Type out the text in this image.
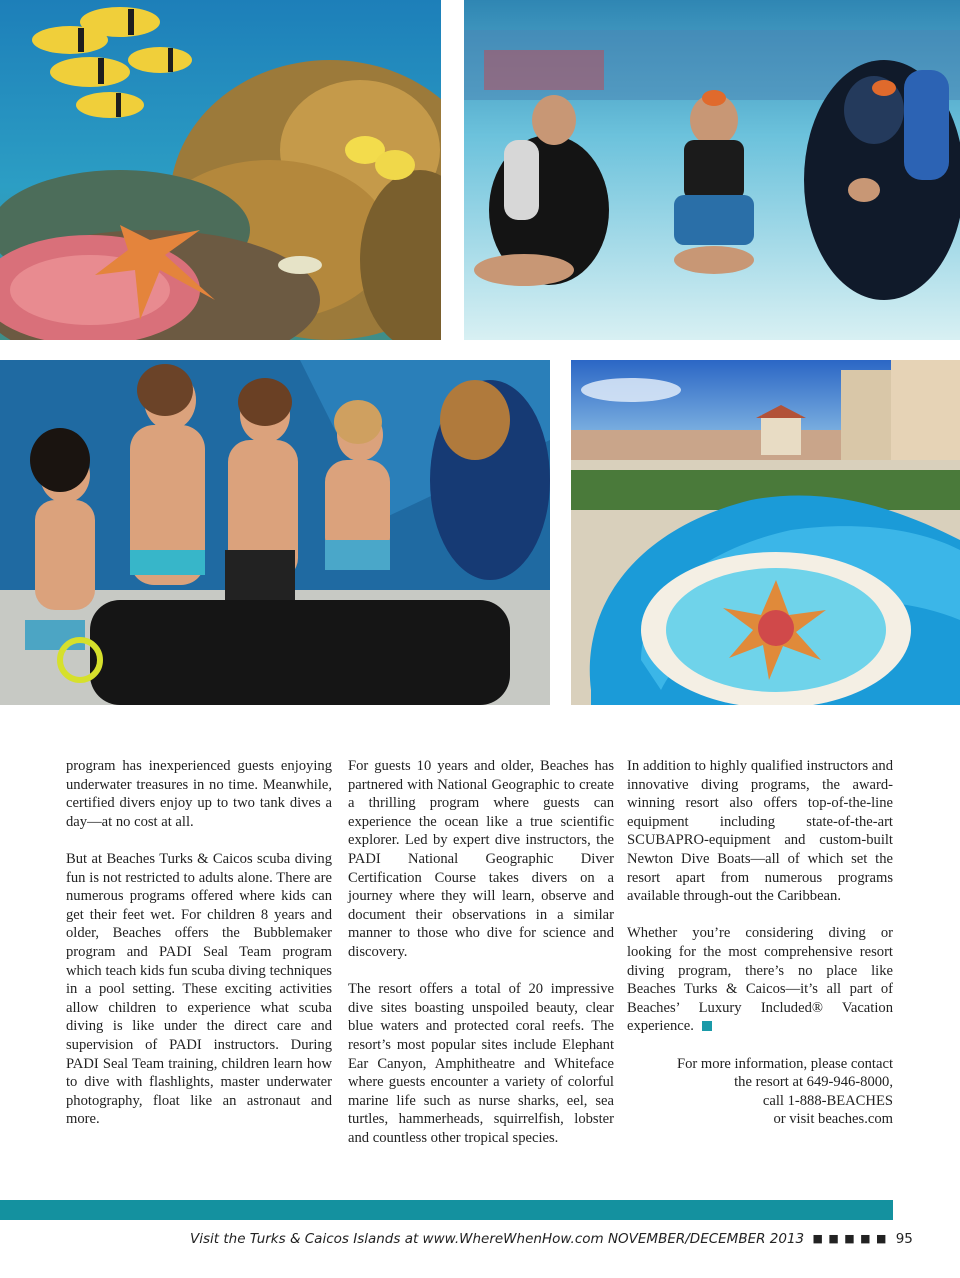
program has inexperienced guests enjoying underwater treasures in no time. Meanwhile, certified divers enjoy up to two tank dives a day—at no cost at all.

But at Beaches Turks & Caicos scuba diving fun is not restricted to adults alone. There are numerous programs offered where kids can get their feet wet. For children 8 years and older, Beaches offers the Bubblemaker program and PADI Seal Team program which teach kids fun scuba diving techniques in a pool setting. These exciting activities allow children to experience what scuba diving is like under the direct care and supervision of PADI instructors. During PADI Seal Team training, children learn how to dive with flashlights, master underwater photography, float like an astronaut and more.

For guests 10 years and older, Beaches has partnered with National Geographic to create a thrilling program where guests can experience the ocean like a true scientific explorer. Led by expert dive instructors, the PADI National Geographic Diver Certification Course takes divers on a journey where they will learn, observe and document their observations in a similar manner to those who dive for science and discovery.

The resort offers a total of 20 impressive dive sites boasting unspoiled beauty, clear blue waters and protected coral reefs. The resort’s most popular sites include Elephant Ear Canyon, Amphitheatre and Whiteface where guests encounter a variety of colorful marine life such as nurse sharks, eel, sea turtles, hammerheads, squirrelfish, lobster and countless other tropical species.

In addition to highly qualified instructors and innovative diving programs, the award-winning resort also offers top-of-the-line equipment including state-of-the-art SCUBAPRO-equipment and custom-built Newton Dive Boats—all of which set the resort apart from numerous programs available through-out the Caribbean.

Whether you’re considering diving or looking for the most comprehensive resort diving program, there’s no place like Beaches Turks & Caicos—it’s all part of Beaches’ Luxury Included® Vacation experience.

For more information, please contact

the resort at 649-946-8000,

call 1-888-BEACHES

or visit beaches.com

Visit the Turks & Caicos Islands at www.WhereWhenHow.com NOVEMBER/DECEMBER 2013 ■ ■ ■ ■ ■ 95
